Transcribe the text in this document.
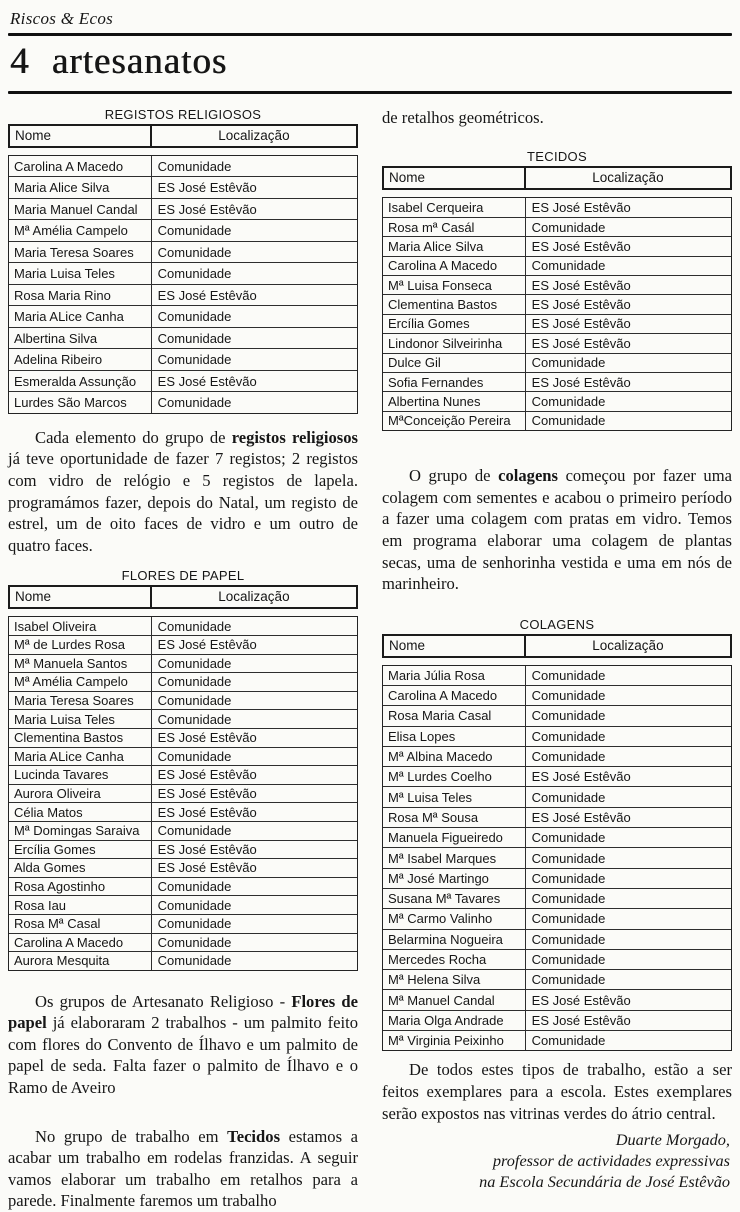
Riscos & Ecos
4 artesanatos
REGISTOS RELIGIOSOS
Nome	Localização
Carolina A Macedo	Comunidade
Maria Alice Silva	ES José Estêvão
Maria Manuel Candal	ES José Estêvão
Mª Amélia Campelo	Comunidade
Maria Teresa Soares	Comunidade
Maria Luisa Teles	Comunidade
Rosa Maria Rino	ES José Estêvão
Maria ALice Canha	Comunidade
Albertina Silva	Comunidade
Adelina Ribeiro	Comunidade
Esmeralda Assunção	ES José Estêvão
Lurdes São Marcos	Comunidade

Cada elemento do grupo de registos religiosos já teve oportunidade de fazer 7 registos; 2 registos com vidro de relógio e 5 registos de lapela. programámos fazer, depois do Natal, um registo de estrel, um de oito faces de vidro e um outro de quatro faces.

FLORES DE PAPEL
Nome	Localização
Isabel Oliveira	Comunidade
Mª de Lurdes Rosa	ES José Estêvão
Mª Manuela Santos	Comunidade
Mª Amélia Campelo	Comunidade
Maria Teresa Soares	Comunidade
Maria Luisa Teles	Comunidade
Clementina Bastos	ES José Estêvão
Maria ALice Canha	Comunidade
Lucinda Tavares	ES José Estêvão
Aurora Oliveira	ES José Estêvão
Célia Matos	ES José Estêvão
Mª Domingas Saraiva	Comunidade
Ercília Gomes	ES José Estêvão
Alda Gomes	ES José Estêvão
Rosa Agostinho	Comunidade
Rosa Iau	Comunidade
Rosa Mª Casal	Comunidade
Carolina A Macedo	Comunidade
Aurora Mesquita	Comunidade

Os grupos de Artesanato Religioso - Flores de papel já elaboraram 2 trabalhos - um palmito feito com flores do Convento de Ílhavo e um palmito de papel de seda. Falta fazer o palmito de Ílhavo e o Ramo de Aveiro

No grupo de trabalho em Tecidos estamos a acabar um trabalho em rodelas franzidas. A seguir vamos elaborar um trabalho em retalhos para a parede. Finalmente faremos um trabalho

de retalhos geométricos.

TECIDOS
Nome	Localização
Isabel Cerqueira	ES José Estêvão
Rosa mª Casál	Comunidade
Maria Alice Silva	ES José Estêvão
Carolina A Macedo	Comunidade
Mª Luisa Fonseca	ES José Estêvão
Clementina Bastos	ES José Estêvão
Ercília Gomes	ES José Estêvão
Lindonor Silveirinha	ES José Estêvão
Dulce Gil	Comunidade
Sofia Fernandes	ES José Estêvão
Albertina Nunes	Comunidade
MªConceição Pereira	Comunidade

O grupo de colagens começou por fazer uma colagem com sementes e acabou o primeiro período a fazer uma colagem com pratas em vidro. Temos em programa elaborar uma colagem de plantas secas, uma de senhorinha vestida e uma em nós de marinheiro.

COLAGENS
Nome	Localização
Maria Júlia Rosa	Comunidade
Carolina A Macedo	Comunidade
Rosa Maria Casal	Comunidade
Elisa Lopes	Comunidade
Mª Albina Macedo	Comunidade
Mª Lurdes Coelho	ES José Estêvão
Mª Luisa Teles	Comunidade
Rosa Mª Sousa	ES José Estêvão
Manuela Figueiredo	Comunidade
Mª Isabel Marques	Comunidade
Mª José Martingo	Comunidade
Susana Mª Tavares	Comunidade
Mª Carmo Valinho	Comunidade
Belarmina Nogueira	Comunidade
Mercedes Rocha	Comunidade
Mª Helena Silva	Comunidade
Mª Manuel Candal	ES José Estêvão
Maria Olga Andrade	ES José Estêvão
Mª Virginia Peixinho	Comunidade

De todos estes tipos de trabalho, estão a ser feitos exemplares para a escola. Estes exemplares serão expostos nas vitrinas verdes do átrio central.

Duarte Morgado,
professor de actividades expressivas
na Escola Secundária de José Estêvão
